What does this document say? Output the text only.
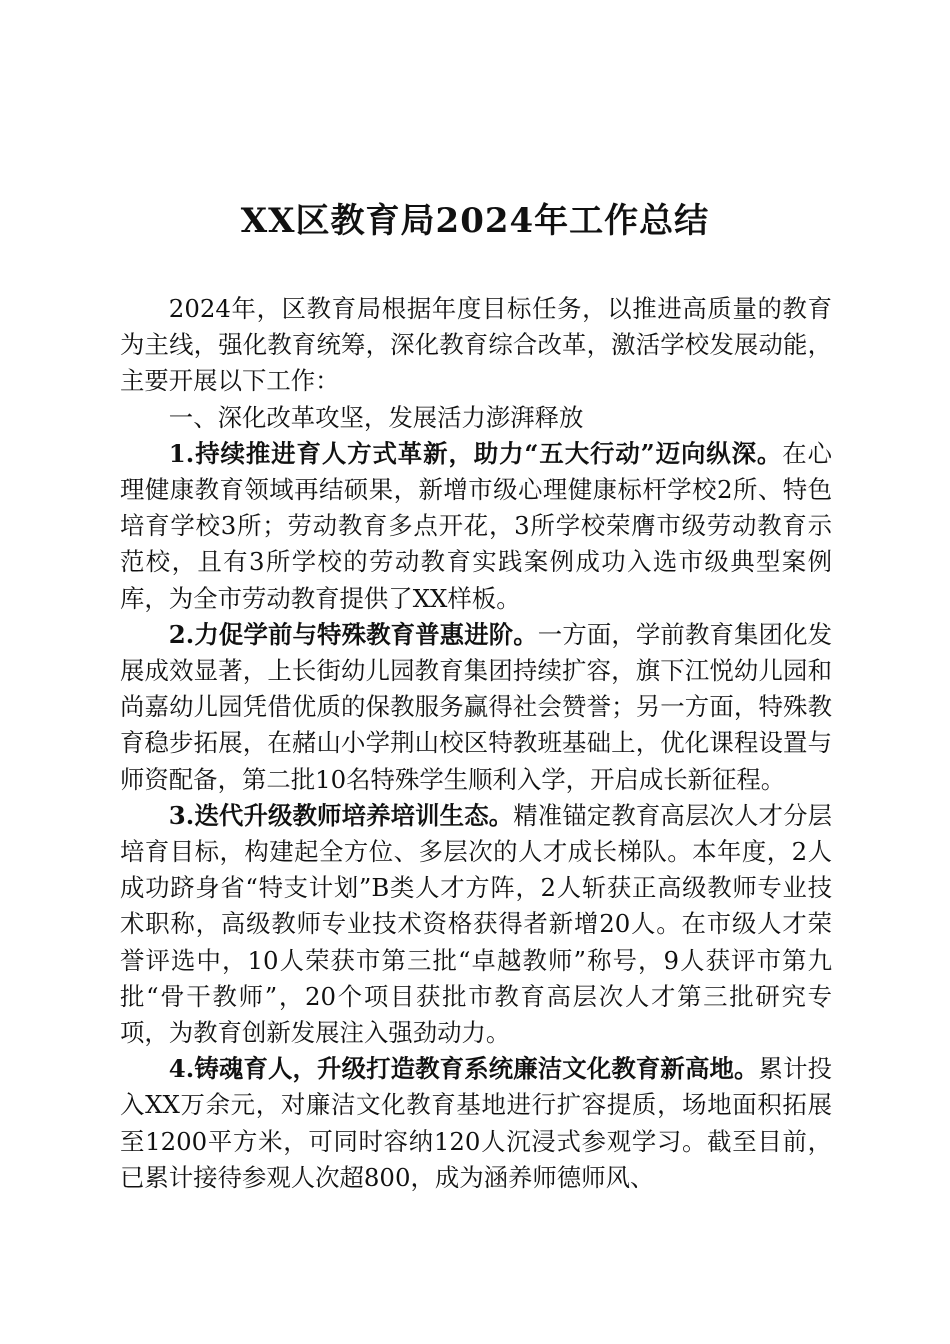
XX区教育局2024年工作总结

2024年，区教育局根据年度目标任务，以推进高质量的教育为主线，强化教育统筹，深化教育综合改革，激活学校发展动能，主要开展以下工作：

一、深化改革攻坚，发展活力澎湃释放

1.持续推进育人方式革新，助力“五大行动”迈向纵深。在心理健康教育领域再结硕果，新增市级心理健康标杆学校2所、特色培育学校3所；劳动教育多点开花，3所学校荣膺市级劳动教育示范校，且有3所学校的劳动教育实践案例成功入选市级典型案例库，为全市劳动教育提供了XX样板。

2.力促学前与特殊教育普惠进阶。一方面，学前教育集团化发展成效显著，上长街幼儿园教育集团持续扩容，旗下江悦幼儿园和尚嘉幼儿园凭借优质的保教服务赢得社会赞誉；另一方面，特殊教育稳步拓展，在赭山小学荆山校区特教班基础上，优化课程设置与师资配备，第二批10名特殊学生顺利入学，开启成长新征程。

3.迭代升级教师培养培训生态。精准锚定教育高层次人才分层培育目标，构建起全方位、多层次的人才成长梯队。本年度，2人成功跻身省“特支计划”B类人才方阵，2人斩获正高级教师专业技术职称，高级教师专业技术资格获得者新增20人。在市级人才荣誉评选中，10人荣获市第三批“卓越教师”称号，9人获评市第九批“骨干教师”，20个项目获批市教育高层次人才第三批研究专项，为教育创新发展注入强劲动力。

4.铸魂育人，升级打造教育系统廉洁文化教育新高地。累计投入XX万余元，对廉洁文化教育基地进行扩容提质，场地面积拓展至1200平方米，可同时容纳120人沉浸式参观学习。截至目前，已累计接待参观人次超800，成为涵养师德师风、
